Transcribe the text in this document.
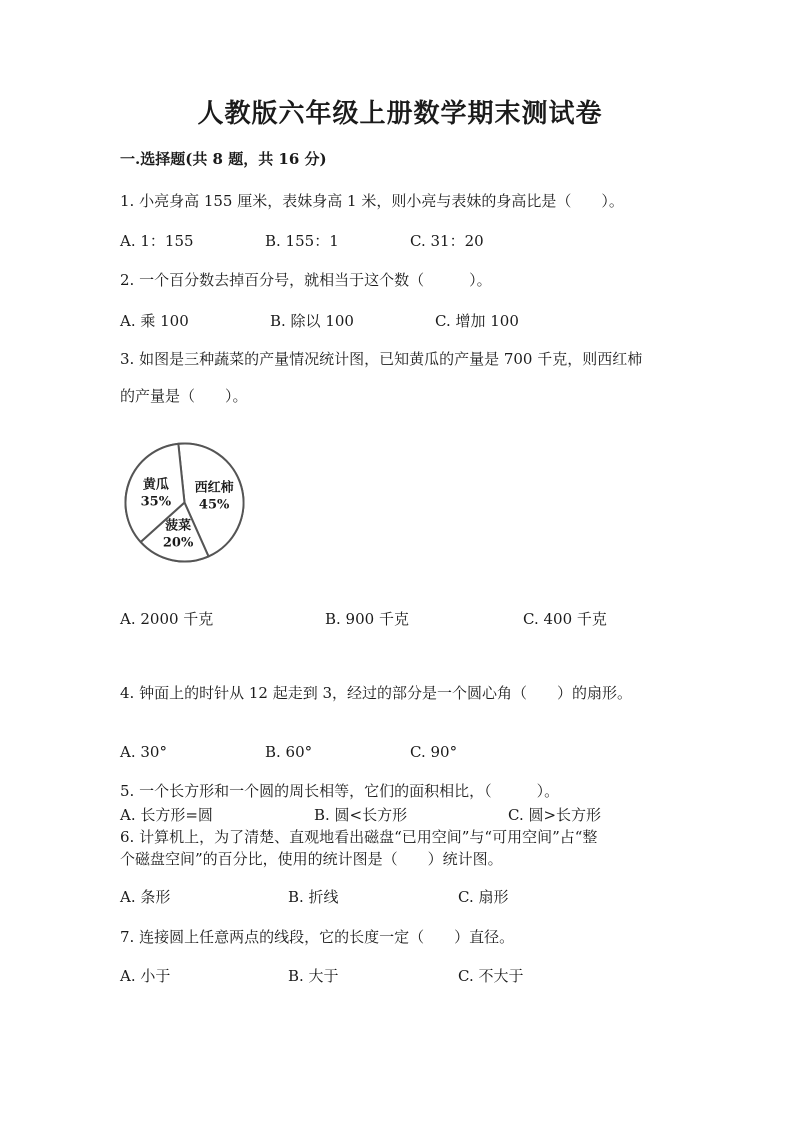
人教版六年级上册数学期末测试卷
一.选择题(共 8 题，共 16 分)
1. 小亮身高 155 厘米，表妹身高 1 米，则小亮与表妹的身高比是（　　）。
A. 1：155	B. 155：1	C. 31：20
2. 一个百分数去掉百分号，就相当于这个数（　　　）。
A. 乘 100	B. 除以 100	C. 增加 100
3. 如图是三种蔬菜的产量情况统计图，已知黄瓜的产量是 700 千克，则西红柿
的产量是（　　）。
西红柿
45%
菠菜
20%
黄瓜
35%
A. 2000 千克	B. 900 千克	C. 400 千克
4. 钟面上的时针从 12 起走到 3，经过的部分是一个圆心角（　　）的扇形。
A. 30°	B. 60°	C. 90°
5. 一个长方形和一个圆的周长相等，它们的面积相比，（　　　）。
A. 长方形=圆	B. 圆<长方形	C. 圆>长方形
6. 计算机上，为了清楚、直观地看出磁盘“已用空间”与“可用空间”占“整
个磁盘空间”的百分比，使用的统计图是（　　）统计图。
A. 条形	B. 折线	C. 扇形
7. 连接圆上任意两点的线段，它的长度一定（　　）直径。
A. 小于	B. 大于	C. 不大于
